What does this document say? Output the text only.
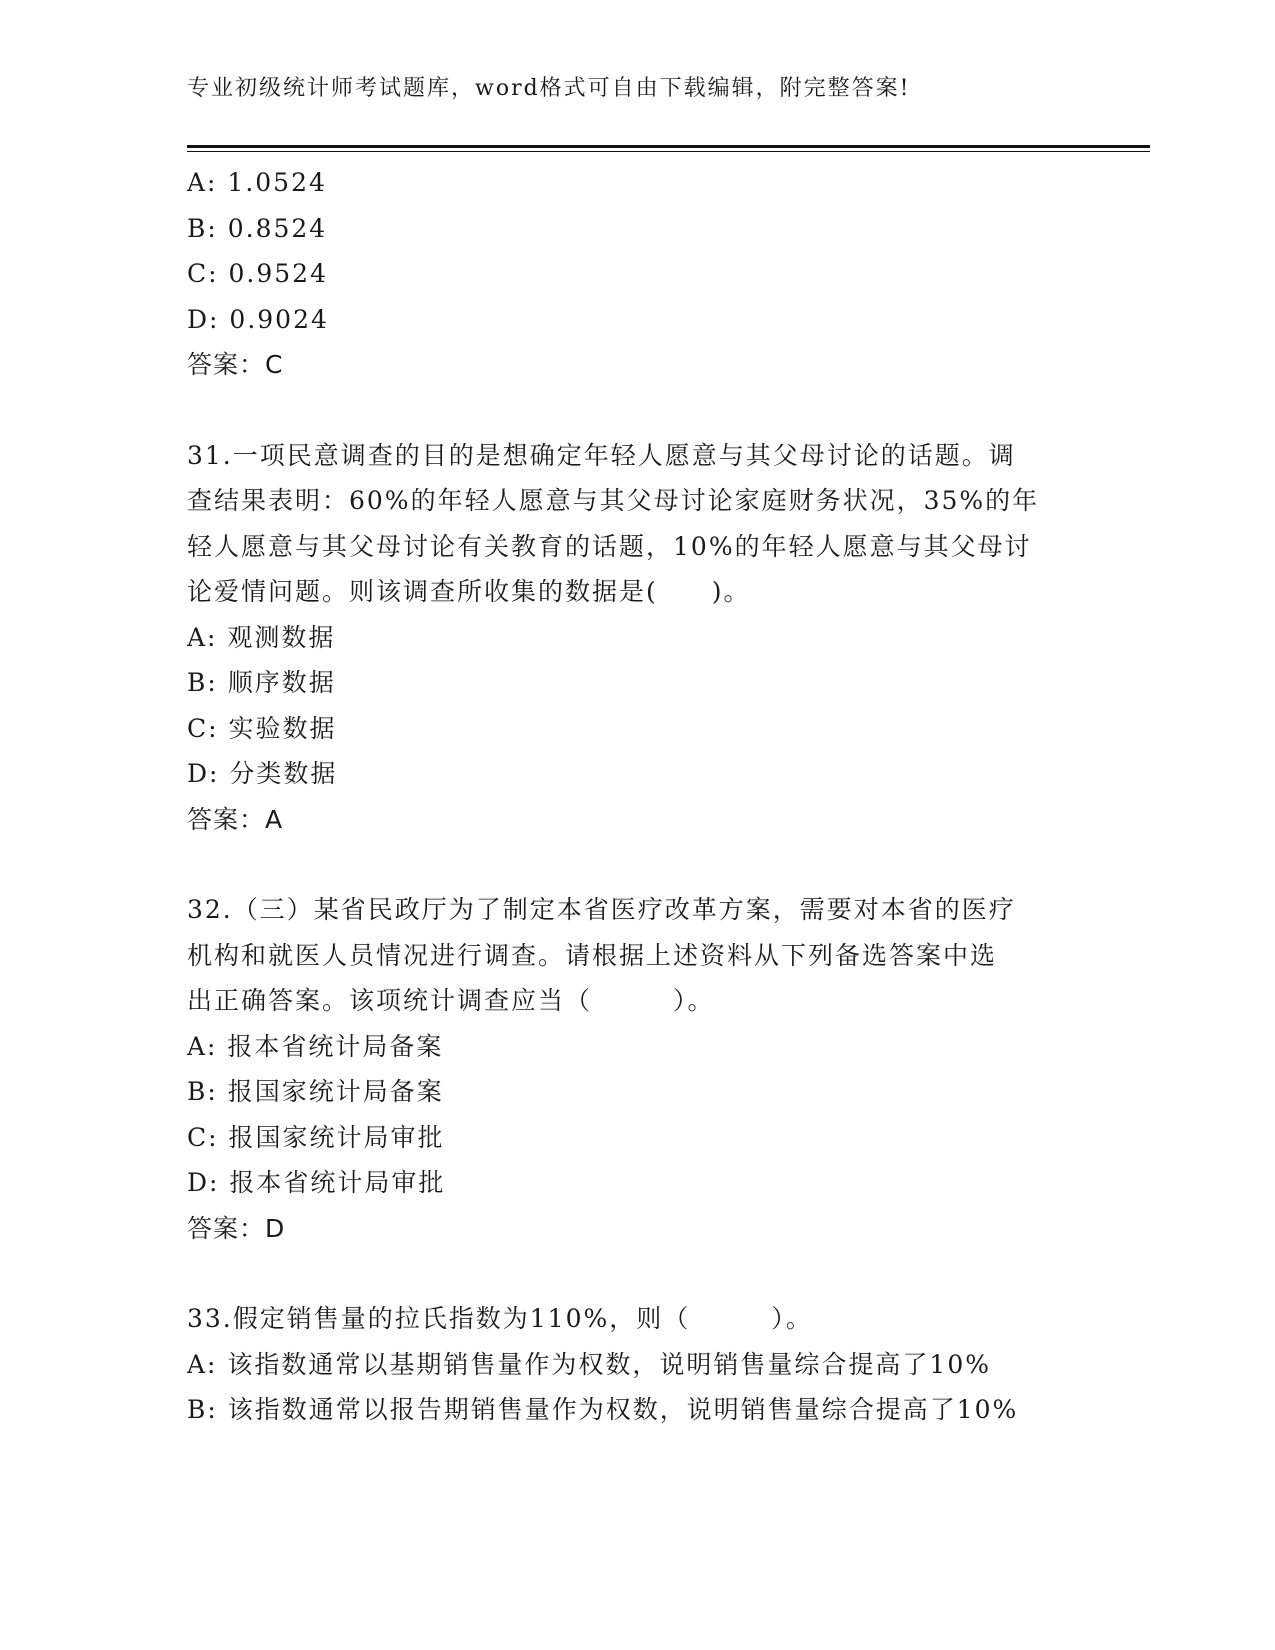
专业初级统计师考试题库，word格式可自由下载编辑，附完整答案!
A: 1.0524
B: 0.8524
C: 0.9524
D: 0.9024
答案：C
31.一项民意调查的目的是想确定年轻人愿意与其父母讨论的话题。调
查结果表明：60%的年轻人愿意与其父母讨论家庭财务状况，35%的年
轻人愿意与其父母讨论有关教育的话题，10%的年轻人愿意与其父母讨
论爱情问题。则该调查所收集的数据是(　　)。
A: 观测数据
B: 顺序数据
C: 实验数据
D: 分类数据
答案：A
32.（三）某省民政厅为了制定本省医疗改革方案，需要对本省的医疗
机构和就医人员情况进行调查。请根据上述资料从下列备选答案中选
出正确答案。该项统计调查应当（　　　）。
A: 报本省统计局备案
B: 报国家统计局备案
C: 报国家统计局审批
D: 报本省统计局审批
答案：D
33.假定销售量的拉氏指数为110%，则（　　　）。
A: 该指数通常以基期销售量作为权数，说明销售量综合提高了10%
B: 该指数通常以报告期销售量作为权数，说明销售量综合提高了10%
